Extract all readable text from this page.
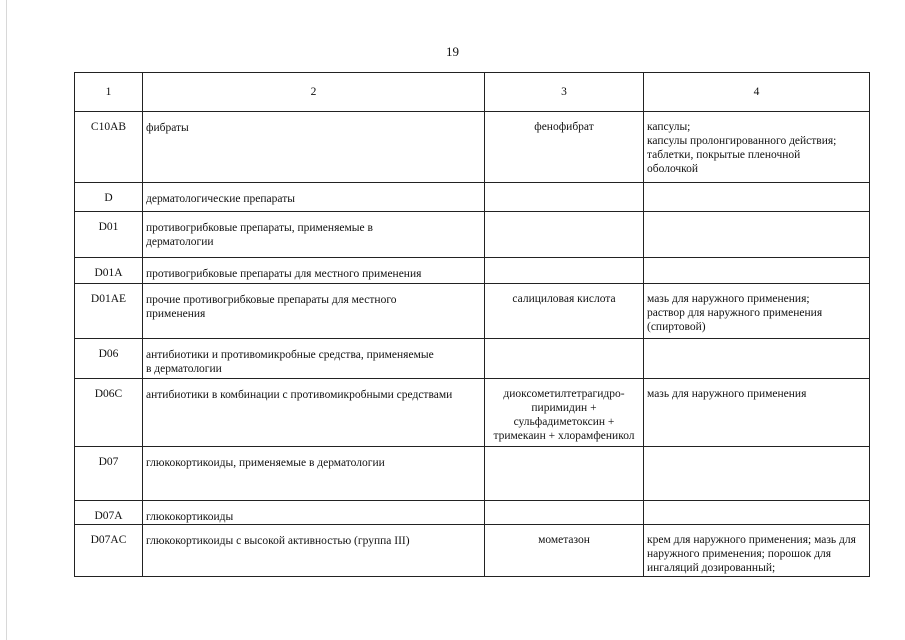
19
1	2	3	4
C10AB	фибраты	фенофибрат	капсулы;
капсулы пролонгированного действия;
таблетки, покрытые пленочной
оболочкой
D	дерматологические препараты		
D01	противогрибковые препараты, применяемые в
дерматологии		
D01A	противогрибковые препараты для местного применения		
D01AE	прочие противогрибковые препараты для местного
применения	салициловая кислота	мазь для наружного применения;
раствор для наружного применения
(спиртовой)
D06	антибиотики и противомикробные средства, применяемые
в дерматологии		
D06C	антибиотики в комбинации с противомикробными средствами	диоксометилтетрагидро-
пиримидин +
сульфадиметоксин +
тримекаин + хлорамфеникол	мазь для наружного применения
D07	глюкокортикоиды, применяемые в дерматологии		
D07A	глюкокортикоиды		
D07AC	глюкокортикоиды с высокой активностью (группа III)	мометазон	крем для наружного применения; мазь для
наружного применения; порошок для
ингаляций дозированный;
